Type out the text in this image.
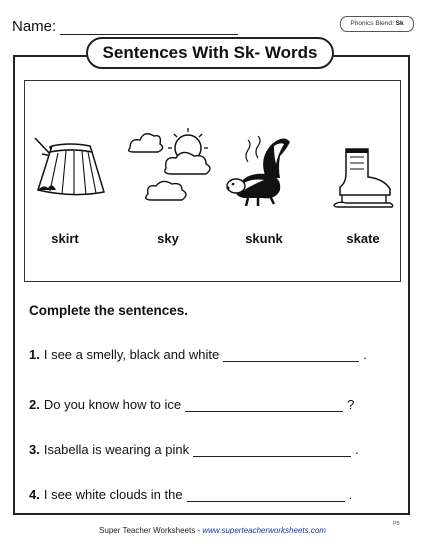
Name:	Phonics Blend: Sk
Sentences With Sk- Words
skirt	sky	skunk	skate
Complete the sentences.
1. I see a smelly, black and white	.
2. Do you know how to ice	?
3. Isabella is wearing a pink	.
4. I see white clouds in the	.
PB
Super Teacher Worksheets - www.superteacherworksheets.com
